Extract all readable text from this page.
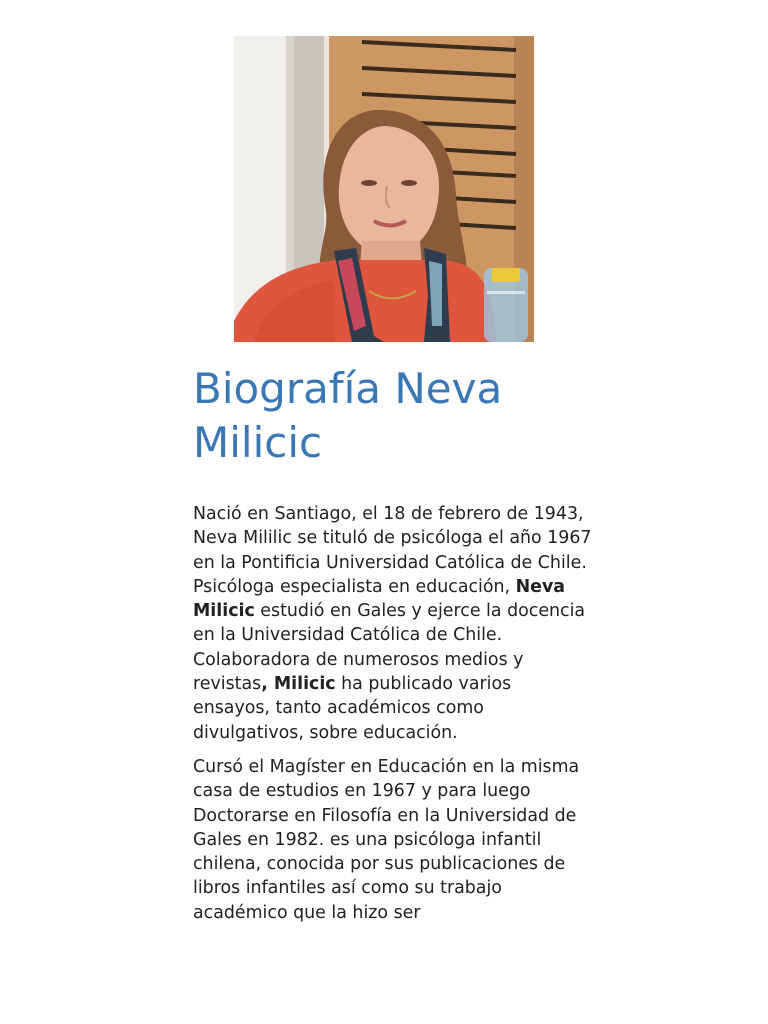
Biografía Neva Milicic

Nació en Santiago, el 18 de febrero de 1943, Neva Mililic se tituló de psicóloga el año 1967 en la Pontificia Universidad Católica de Chile. Psicóloga especialista en educación, Neva Milicic estudió en Gales y ejerce la docencia en la Universidad Católica de Chile. Colaboradora de numerosos medios y revistas, Milicic ha publicado varios ensayos, tanto académicos como divulgativos, sobre educación.

Cursó el Magíster en Educación en la misma casa de estudios en 1967 y para luego Doctorarse en Filosofía en la Universidad de Gales en 1982. es una psicóloga infantil chilena, conocida por sus publicaciones de libros infantiles así como su trabajo académico que la hizo ser
